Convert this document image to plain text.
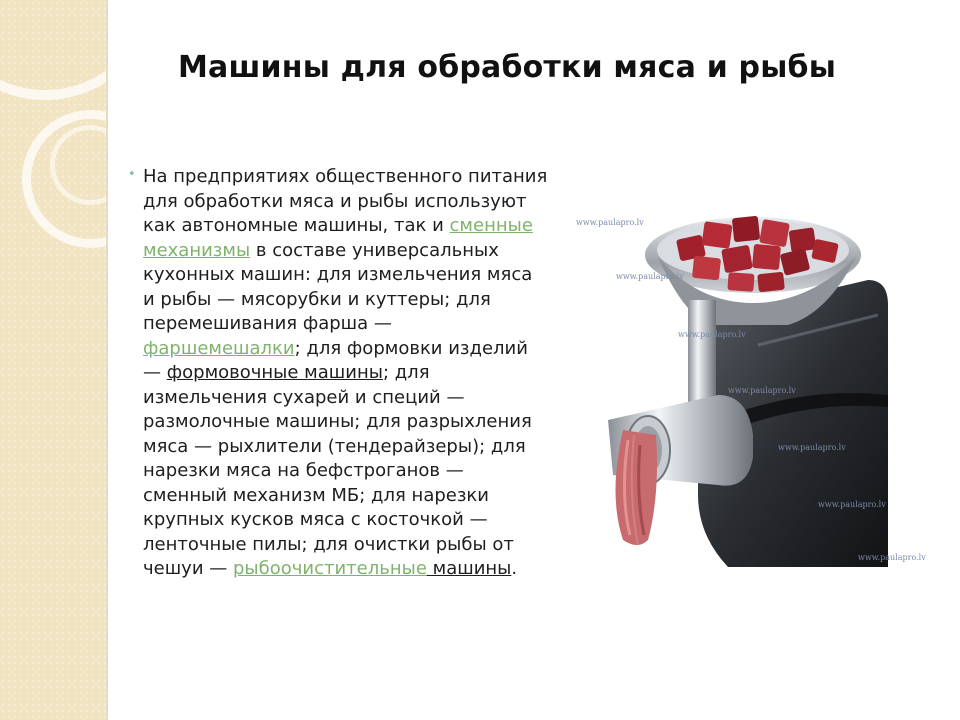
Машины для обработки мяса и рыбы
• На предприятиях общественного питания для обработки мяса и рыбы используют как автономные машины, так и сменные механизмы в составе универсальных кухонных машин: для измельчения мяса и рыбы — мясорубки и куттеры; для перемешивания фарша — фаршемешалки; для формовки изделий — формовочные машины; для измельчения сухарей и специй — размолочные машины; для разрыхления мяса — рыхлители (тендерайзеры); для нарезки мяса на бефстроганов — сменный механизм МБ; для нарезки крупных кусков мяса с косточкой — ленточные пилы; для очистки рыбы от чешуи — рыбоочистительные машины.

www.paulapro.lv
www.paulapro.lv
www.paulapro.lv
www.paulapro.lv
www.paulapro.lv
www.paulapro.lv
www.paulapro.lv
